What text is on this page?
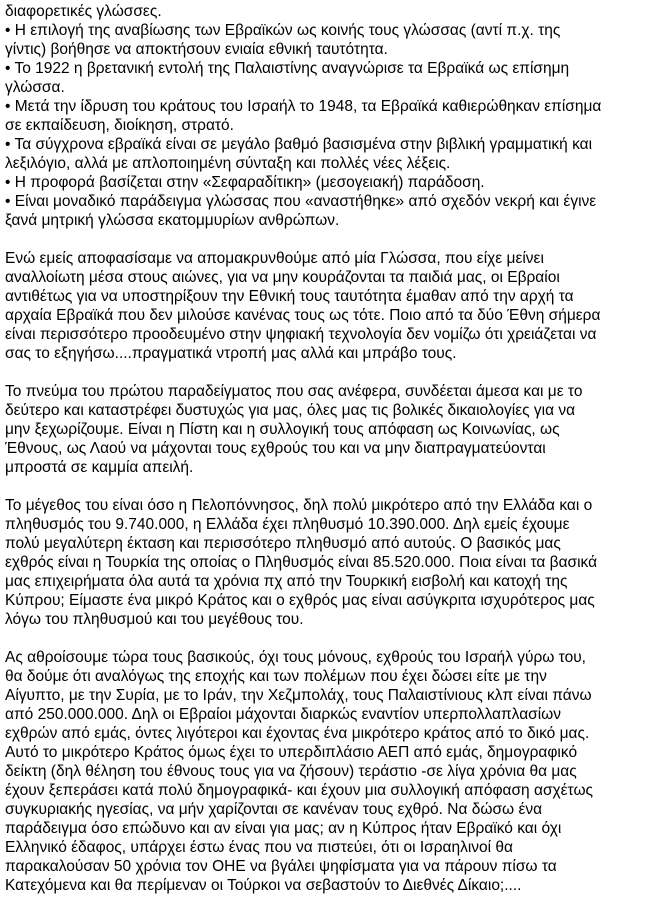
διαφορετικές γλώσσες.
• Η επιλογή της αναβίωσης των Εβραϊκών ως κοινής τους γλώσσας (αντί π.χ. της
γίντις) βοήθησε να αποκτήσουν ενιαία εθνική ταυτότητα.
• Το 1922 η βρετανική εντολή της Παλαιστίνης αναγνώρισε τα Εβραϊκά ως επίσημη
γλώσσα.
• Μετά την ίδρυση του κράτους του Ισραήλ το 1948, τα Εβραϊκά καθιερώθηκαν επίσημα
σε εκπαίδευση, διοίκηση, στρατό.
• Τα σύγχρονα εβραϊκά είναι σε μεγάλο βαθμό βασισμένα στην βιβλική γραμματική και
λεξιλόγιο, αλλά με απλοποιημένη σύνταξη και πολλές νέες λέξεις.
• Η προφορά βασίζεται στην «Σεφαραδίτικη» (μεσογειακή) παράδοση.
• Είναι μοναδικό παράδειγμα γλώσσας που «αναστήθηκε» από σχεδόν νεκρή και έγινε
ξανά μητρική γλώσσα εκατομμυρίων ανθρώπων.

Ενώ εμείς αποφασίσαμε να απομακρυνθούμε από μία Γλώσσα, που είχε μείνει
αναλλοίωτη μέσα στους αιώνες, για να μην κουράζονται τα παιδιά μας, οι Εβραίοι
αντιθέτως για να υποστηρίξουν την Εθνική τους ταυτότητα έμαθαν από την αρχή τα
αρχαία Εβραϊκά που δεν μιλούσε κανένας τους ως τότε. Ποιο από τα δύο Έθνη σήμερα
είναι περισσότερο προοδευμένο στην ψηφιακή τεχνολογία δεν νομίζω ότι χρειάζεται να
σας το εξηγήσω....πραγματικά ντροπή μας αλλά και μπράβο τους.

Το πνεύμα του πρώτου παραδείγματος που σας ανέφερα, συνδέεται άμεσα και με το
δεύτερο και καταστρέφει δυστυχώς για μας, όλες μας τις βολικές δικαιολογίες για να
μην ξεχωρίζουμε. Είναι η Πίστη και η συλλογική τους απόφαση ως Κοινωνίας, ως
Έθνους, ως Λαού να μάχονται τους εχθρούς του και να μην διαπραγματεύονται
μπροστά σε καμμία απειλή.

Το μέγεθος του είναι όσο η Πελοπόννησος, δηλ πολύ μικρότερο από την Ελλάδα και ο
πληθυσμός του 9.740.000, η Ελλάδα έχει πληθυσμό 10.390.000. Δηλ εμείς έχουμε
πολύ μεγαλύτερη έκταση και περισσότερο πληθυσμό από αυτούς. Ο βασικός μας
εχθρός είναι η Τουρκία της οποίας ο Πληθυσμός είναι 85.520.000. Ποια είναι τα βασικά
μας επιχειρήματα όλα αυτά τα χρόνια πχ από την Τουρκική εισβολή και κατοχή της
Κύπρου; Είμαστε ένα μικρό Κράτος και ο εχθρός μας είναι ασύγκριτα ισχυρότερος μας
λόγω του πληθυσμού και του μεγέθους του.

Ας αθροίσουμε τώρα τους βασικούς, όχι τους μόνους, εχθρούς του Ισραήλ γύρω του,
θα δούμε ότι αναλόγως της εποχής και των πολέμων που έχει δώσει είτε με την
Αίγυπτο, με την Συρία, με το Ιράν, την Χεζμπολάχ, τους Παλαιστίνιους κλπ είναι πάνω
από 250.000.000. Δηλ οι Εβραίοι μάχονται διαρκώς εναντίον υπερπολλαπλασίων
εχθρών από εμάς, όντες λιγότεροι και έχοντας ένα μικρότερο κράτος από το δικό μας.
Αυτό το μικρότερο Κράτος όμως έχει το υπερδιπλάσιο ΑΕΠ από εμάς, δημογραφικό
δείκτη (δηλ θέληση του έθνους τους για να ζήσουν) τεράστιο -σε λίγα χρόνια θα μας
έχουν ξεπεράσει κατά πολύ δημογραφικά- και έχουν μια συλλογική απόφαση ασχέτως
συγκυριακής ηγεσίας, να μήν χαρίζονται σε κανέναν τους εχθρό. Να δώσω ένα
παράδειγμα όσο επώδυνο και αν είναι για μας; αν η Κύπρος ήταν Εβραϊκό και όχι
Ελληνικό έδαφος, υπάρχει έστω ένας που να πιστεύει, ότι οι Ισραηλινοί θα
παρακαλούσαν 50 χρόνια τον ΟΗΕ να βγάλει ψηφίσματα για να πάρουν πίσω τα
Κατεχόμενα και θα περίμεναν οι Τούρκοι να σεβαστούν το Διεθνές Δίκαιο;....
